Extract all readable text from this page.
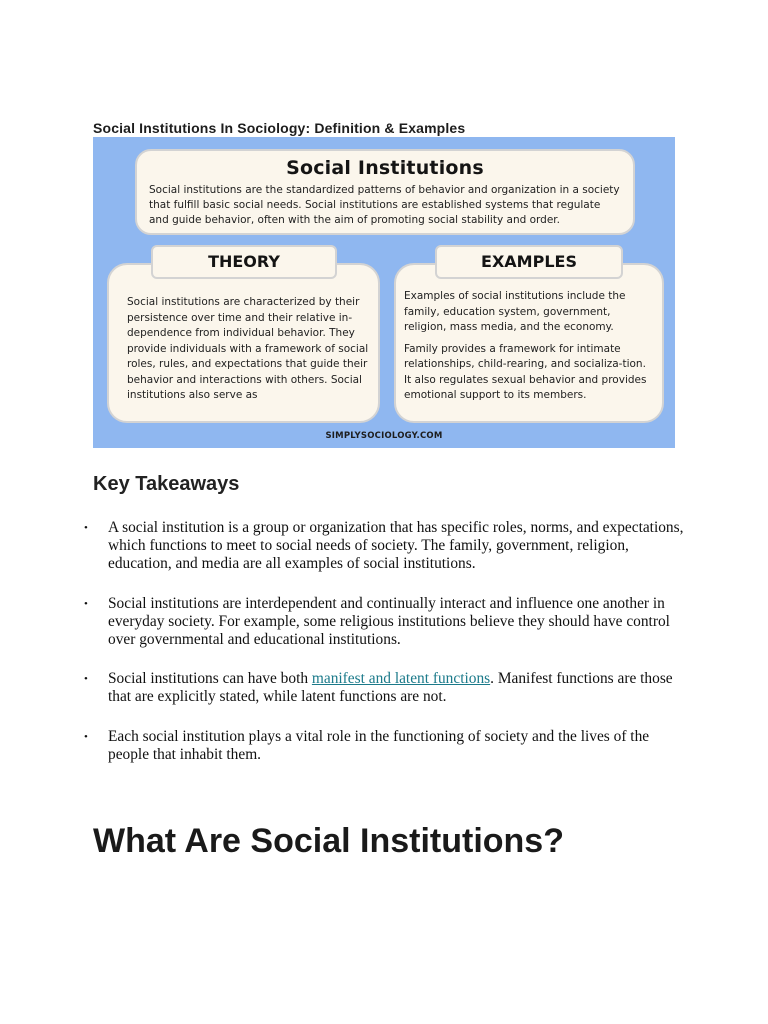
Social Institutions In Sociology: Definition & Examples
Social Institutions
Social institutions are the standardized patterns of behavior and organization in a society that fulfill basic social needs. Social institutions are established systems that regulate and guide behavior, often with the aim of promoting social stability and order.

Social institutions are characterized by their persistence over time and their relative in-dependence from individual behavior. They provide individuals with a framework of social roles, rules, and expectations that guide their behavior and interactions with others. Social institutions also serve as

Examples of social institutions include the family, education system, government, religion, mass media, and the economy.

Family provides a framework for intimate relationships, child-rearing, and socializa-tion. It also regulates sexual behavior and provides emotional support to its members.

THEORY	EXAMPLES
SIMPLYSOCIOLOGY.COM
Key Takeaways
• A social institution is a group or organization that has specific roles, norms, and expectations, which functions to meet to social needs of society. The family, government, religion, education, and media are all examples of social institutions.
• Social institutions are interdependent and continually interact and influence one another in everyday society. For example, some religious institutions believe they should have control over governmental and educational institutions.
• Social institutions can have both manifest and latent functions. Manifest functions are those that are explicitly stated, while latent functions are not.
• Each social institution plays a vital role in the functioning of society and the lives of the people that inhabit them.
What Are Social Institutions?
